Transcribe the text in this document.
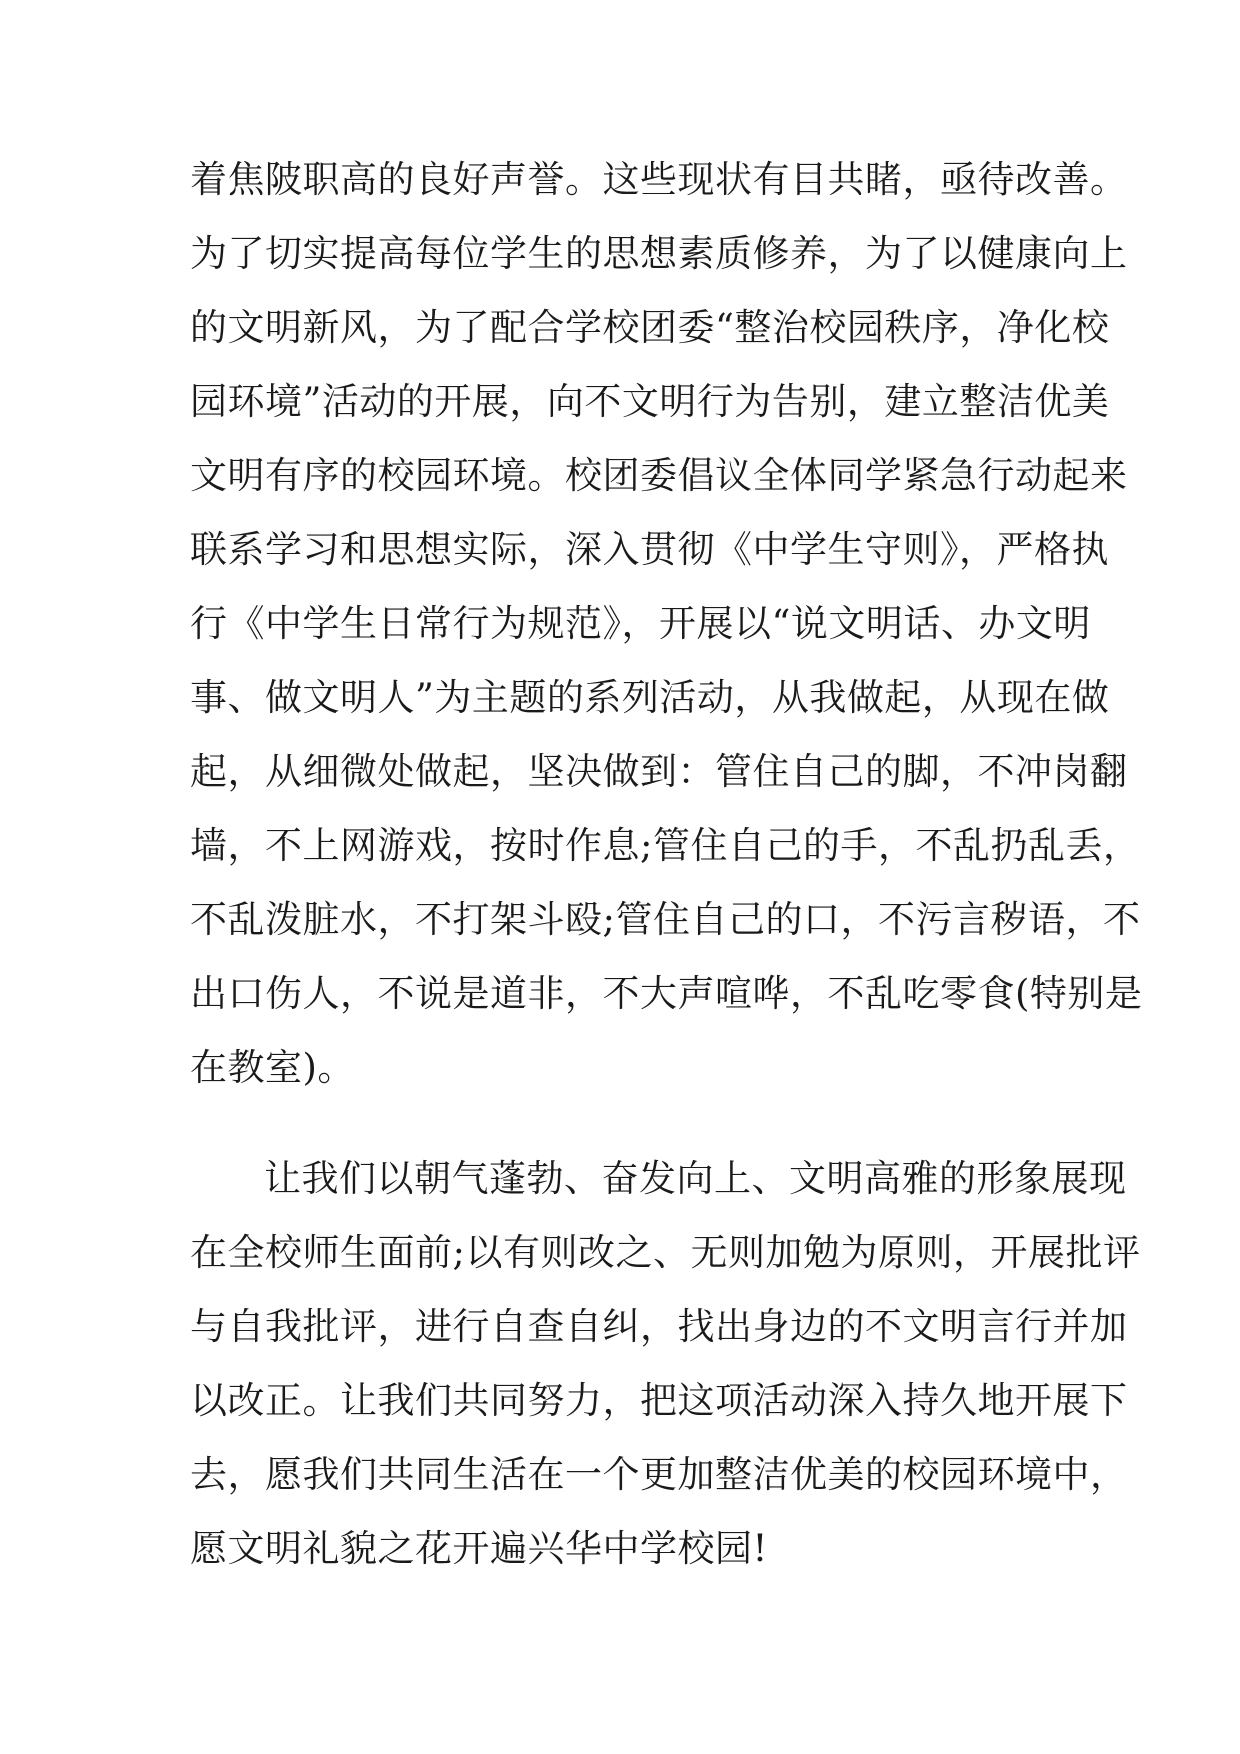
着焦陂职高的良好声誉。这些现状有目共睹，亟待改善。
为了切实提高每位学生的思想素质修养，为了以健康向上
的文明新风，为了配合学校团委“整治校园秩序，净化校
园环境”活动的开展，向不文明行为告别，建立整洁优美
文明有序的校园环境。校团委倡议全体同学紧急行动起来
联系学习和思想实际，深入贯彻《中学生守则》，严格执
行《中学生日常行为规范》，开展以“说文明话、办文明
事、做文明人”为主题的系列活动，从我做起，从现在做
起，从细微处做起，坚决做到：管住自己的脚，不冲岗翻
墙，不上网游戏，按时作息;管住自己的手，不乱扔乱丢，
不乱泼脏水，不打架斗殴;管住自己的口，不污言秽语，不
出口伤人，不说是道非，不大声喧哗，不乱吃零食(特别是
在教室)。
让我们以朝气蓬勃、奋发向上、文明高雅的形象展现
在全校师生面前;以有则改之、无则加勉为原则，开展批评
与自我批评，进行自查自纠，找出身边的不文明言行并加
以改正。让我们共同努力，把这项活动深入持久地开展下
去，愿我们共同生活在一个更加整洁优美的校园环境中，
愿文明礼貌之花开遍兴华中学校园!
